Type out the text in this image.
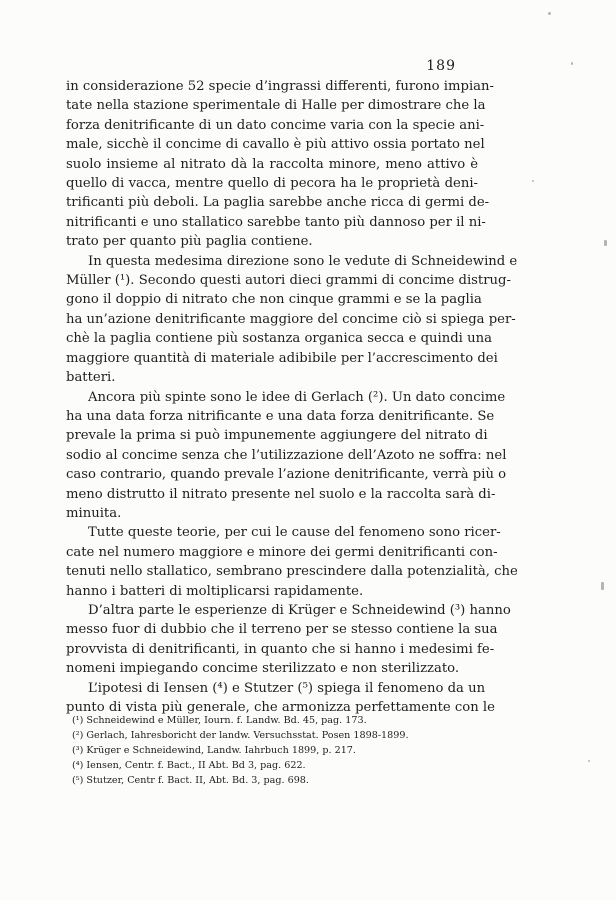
189

in considerazione 52 specie d’ingrassi differenti, furono impian-

tate nella stazione sperimentale di Halle per dimostrare che la

forza denitrificante di un dato concime varia con la specie ani-

male, sicchè il concime di cavallo è più attivo ossia portato nel

suolo insieme al nitrato dà la raccolta minore, meno attivo è

quello di vacca, mentre quello di pecora ha le proprietà deni-

trificanti più deboli. La paglia sarebbe anche ricca di germi de-

nitrificanti e uno stallatico sarebbe tanto più dannoso per il ni-

trato per quanto più paglia contiene.

In questa medesima direzione sono le vedute di Schneidewind e

Müller (¹). Secondo questi autori dieci grammi di concime distrug-

gono il doppio di nitrato che non cinque grammi e se la paglia

ha un’azione denitrificante maggiore del concime ciò si spiega per-

chè la paglia contiene più sostanza organica secca e quindi una

maggiore quantità di materiale adibibile per l’accrescimento dei

batteri.

Ancora più spinte sono le idee di Gerlach (²). Un dato concime

ha una data forza nitrificante e una data forza denitrificante. Se

prevale la prima si può impunemente aggiungere del nitrato di

sodio al concime senza che l’utilizzazione dell’Azoto ne soffra: nel

caso contrario, quando prevale l’azione denitrificante, verrà più o

meno distrutto il nitrato presente nel suolo e la raccolta sarà di-

minuita.

Tutte queste teorie, per cui le cause del fenomeno sono ricer-

cate nel numero maggiore e minore dei germi denitrificanti con-

tenuti nello stallatico, sembrano prescindere dalla potenzialità, che

hanno i batteri di moltiplicarsi rapidamente.

D’altra parte le esperienze di Krüger e Schneidewind (³) hanno

messo fuor di dubbio che il terreno per se stesso contiene la sua

provvista di denitrificanti, in quanto che si hanno i medesimi fe-

nomeni impiegando concime sterilizzato e non sterilizzato.

L’ipotesi di Iensen (⁴) e Stutzer (⁵) spiega il fenomeno da un

punto di vista più generale, che armonizza perfettamente con le

(¹) Schneidewind e Müller, Iourn. f. Landw. Bd. 45, pag. 173.

(²) Gerlach, Iahresboricht der landw. Versuchsstat. Posen 1898-1899.

(³) Krüger e Schneidewind, Landw. Iahrbuch 1899, p. 217.

(⁴) Iensen, Centr. f. Bact., II Abt. Bd 3, pag. 622.

(⁵) Stutzer, Centr f. Bact. II, Abt. Bd. 3, pag. 698.
